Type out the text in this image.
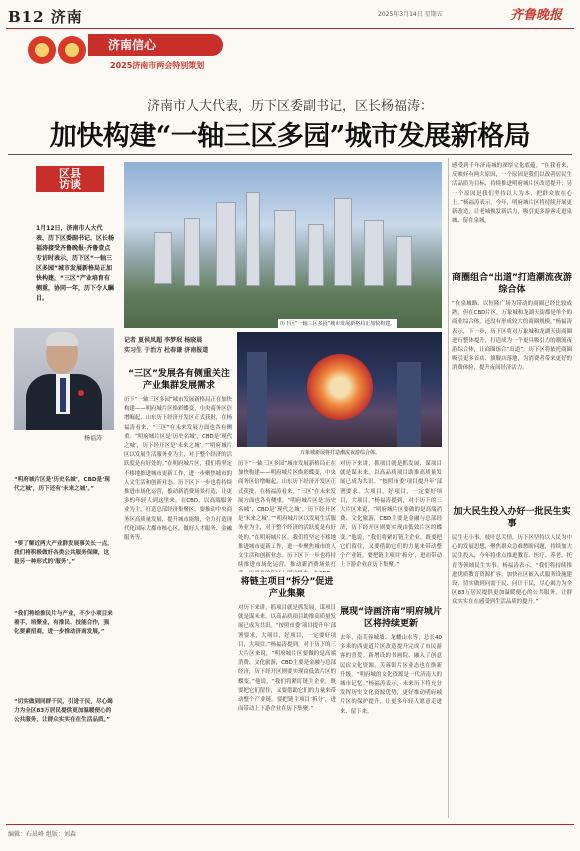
B12 济南	2025年3月14日 星期五	齐鲁晚报
济南信心
2025济南市两会特别策划
济南市人大代表，历下区委副书记，区长杨福涛：
加快构建“一轴三区多园”城市发展新格局
区县
访谈
1月12日，济南市人大代表、历下区委副书记、区长杨福涛接受齐鲁晚报·齐鲁壹点专访时表示，历下区“一轴三区多园”城市发展新格局正加快构建，“三区”产业培育有侧重，协同一年，历下令人瞩目。
杨福涛
“明府城片区是‘历史名城’，CBD是‘现代之城’，历下还有‘未来之城’。”
“要了解近两大产业群发展事关长一点，我们将积极做好各类公共服务保障，这是另一种形式的‘服务’。”
“我们将给推民片与产业，不少小项目来着手，培聚业，有推民、技能合作，强化要素招商，进一步推动济南发展。”
“切实做到同群干民，引进于民，尽心竭力为全区83万居民提供更加温暖便心的公共服务，让群众实实在在生活品质。”
历下区“一轴三区多园”城市发展新格局正加快构建。
记者 夏侯凤超 李梦珉 杨晓晨
实习生 于治方 杜春谦 济南报道
万象城新展将打造潮流夜游综合体。
“三区”发展各有侧重关注产业集群发展需求
历下“一轴三区多园”城市发展新格局正在加快构建——明府城片区焕彩蝶变，中央商务区倍增崛起，山东历下经济开发区正式获批，在杨福涛看来，“三区”在未来发展方面也各有侧重。“明府城片区是‘历史名城’，CBD是‘现代之城’，历下经开区是‘未来之城’。”“明府城片区以发展生活服务业为主，对于整个经济的活跃度是有好处的。”在明府城片区，我们将坚定不移地推进城市更新工作，进一步聚焦城市的人文生活和创新业态。历下区下一步也将持续推进市场化运营，推动新消费场景打造，让更多的年轻人到这里来。在CBD，以高端服务业为主，打造总部经济集聚区。要推动中央商务区高质量发展，提升城市能级，全力打造现代化国际大都市核心区，做好人才服务、金融服务等。
历下“一轴三区多园”城市发展新格局正在加快构建——明府城片区焕彩蝶变，中央商务区倍增崛起，山东历下经济开发区正式获批，在杨福涛看来，“三区”在未来发展方面也各有侧重。“明府城片区是‘历史名城’，CBD是‘现代之城’，历下经开区是‘未来之城’。”“明府城片区以发展生活服务业为主，对于整个经济的活跃度是有好处的。”在明府城片区，我们将坚定不移地推进城市更新工作，进一步聚焦城市的人文生活和创新业态。历下区下一步也将持续推进市场化运营，推动新消费场景打
将链主项目“拆分”促进产业集聚
对历下来讲，抓项目就是抓发展，谋项目就是谋未来。以高品质项目助推高质量发展已成为共识。“按照市委‘项目提升年’部署要求，大项目，好项目，一定要好项目，大项目。”杨福涛提到，对于历下的三大片区来说，“明府城片区要做的是高端消费、文化旅游，CBD主要是金融与总部经济，历下经开区则要实现由低效片区的蝶变。”他说，“我们将紧盯链主企业，既要把它们留住，又要借助它们的力量来带动整个产业链。要把链主项目‘拆分’，进而带动上下游企业在历下集聚。”
对历下来讲，抓项目就是抓发展，谋项目就是谋未来。以高品质项目助推高质量发展已成为共识。“按照市委‘项目提升年’部署要求，大项目，好项目，一定要好项目，大项目。”杨福涛提到，对于历下的三大片区来说，“明府城片区要做的是高端消费、文化旅游，CBD主要是金融与总部经济，历下经开区则要实现由低效片区的蝶变。”他说，“我们将紧盯链主企业，既要把它们留住，又要借助它们的力量来带动整个产业链。要把链主项目‘拆分’，进而带动上下游企业在历下集聚。”
展现“诗画济南”明府城片区将持续更新
去年，南芙蓉城墙、龙蟠山水等，总长40多米的西更道片区改造提升完成了市民游客的喜爱。新增设的书画院、融入了创意民宿文化资源，芙蓉街片区业态也在焕新升级。“明府城的文化资源是一代济南人的城市记忆。”杨福涛表示，未来历下将充分发挥历史文化资源优势，更好推动明府城片区的保护提升，让更多年轻人愿意走进来、留下来。
感受到千年济南城的深厚文化底蕴。“在我看来，反映好有两大原因，一个原因是我们以改善居民生活品质为目标，持续推进明府城片区改造提升；另一个原因是我们坚持以人为本，把群众放在心上。”杨福涛表示，今年，明府城片区将持续开展更新改造，让老城焕发新活力，吸引更多游客走进泉城、留在泉城。
商圈组合“出道”打造潮流夜游综合体
“在泉城路、以恒隆广场为带动的商圈已经比较成熟，但在CBD片区，万象城和龙湖天街都是单个的商业综合体，还没有形成较大的商圈规模。”杨福涛表示，下一步，历下区将对万象城和龙湖天街商圈进行整体提升，打造成为一个更具吸引力的潮流夜游综合体，让商圈组合“出道”。历下区将依托商圈吸引更多首店、旗舰店落地，为消费者带来更好的消费体验，提升夜间经济活力。
加大民生投入办好一批民生实事
民生无小事，枝叶总关情。历下区坚持以人民为中心的发展思想，聚焦群众急难愁盼问题，持续加大民生投入，今年将重点推进教育、医疗、养老、托育等领域民生实事。杨福涛表示，“我们将持续推进优质教育资源扩容，加快社区嵌入式服务设施建设，切实做到问需于民、问计于民，尽心竭力为全区83万居民提供更加温暖便心的公共服务，让群众实实在在感受到生活品质的提升。”
编辑：石晨峰 组版：刘森
